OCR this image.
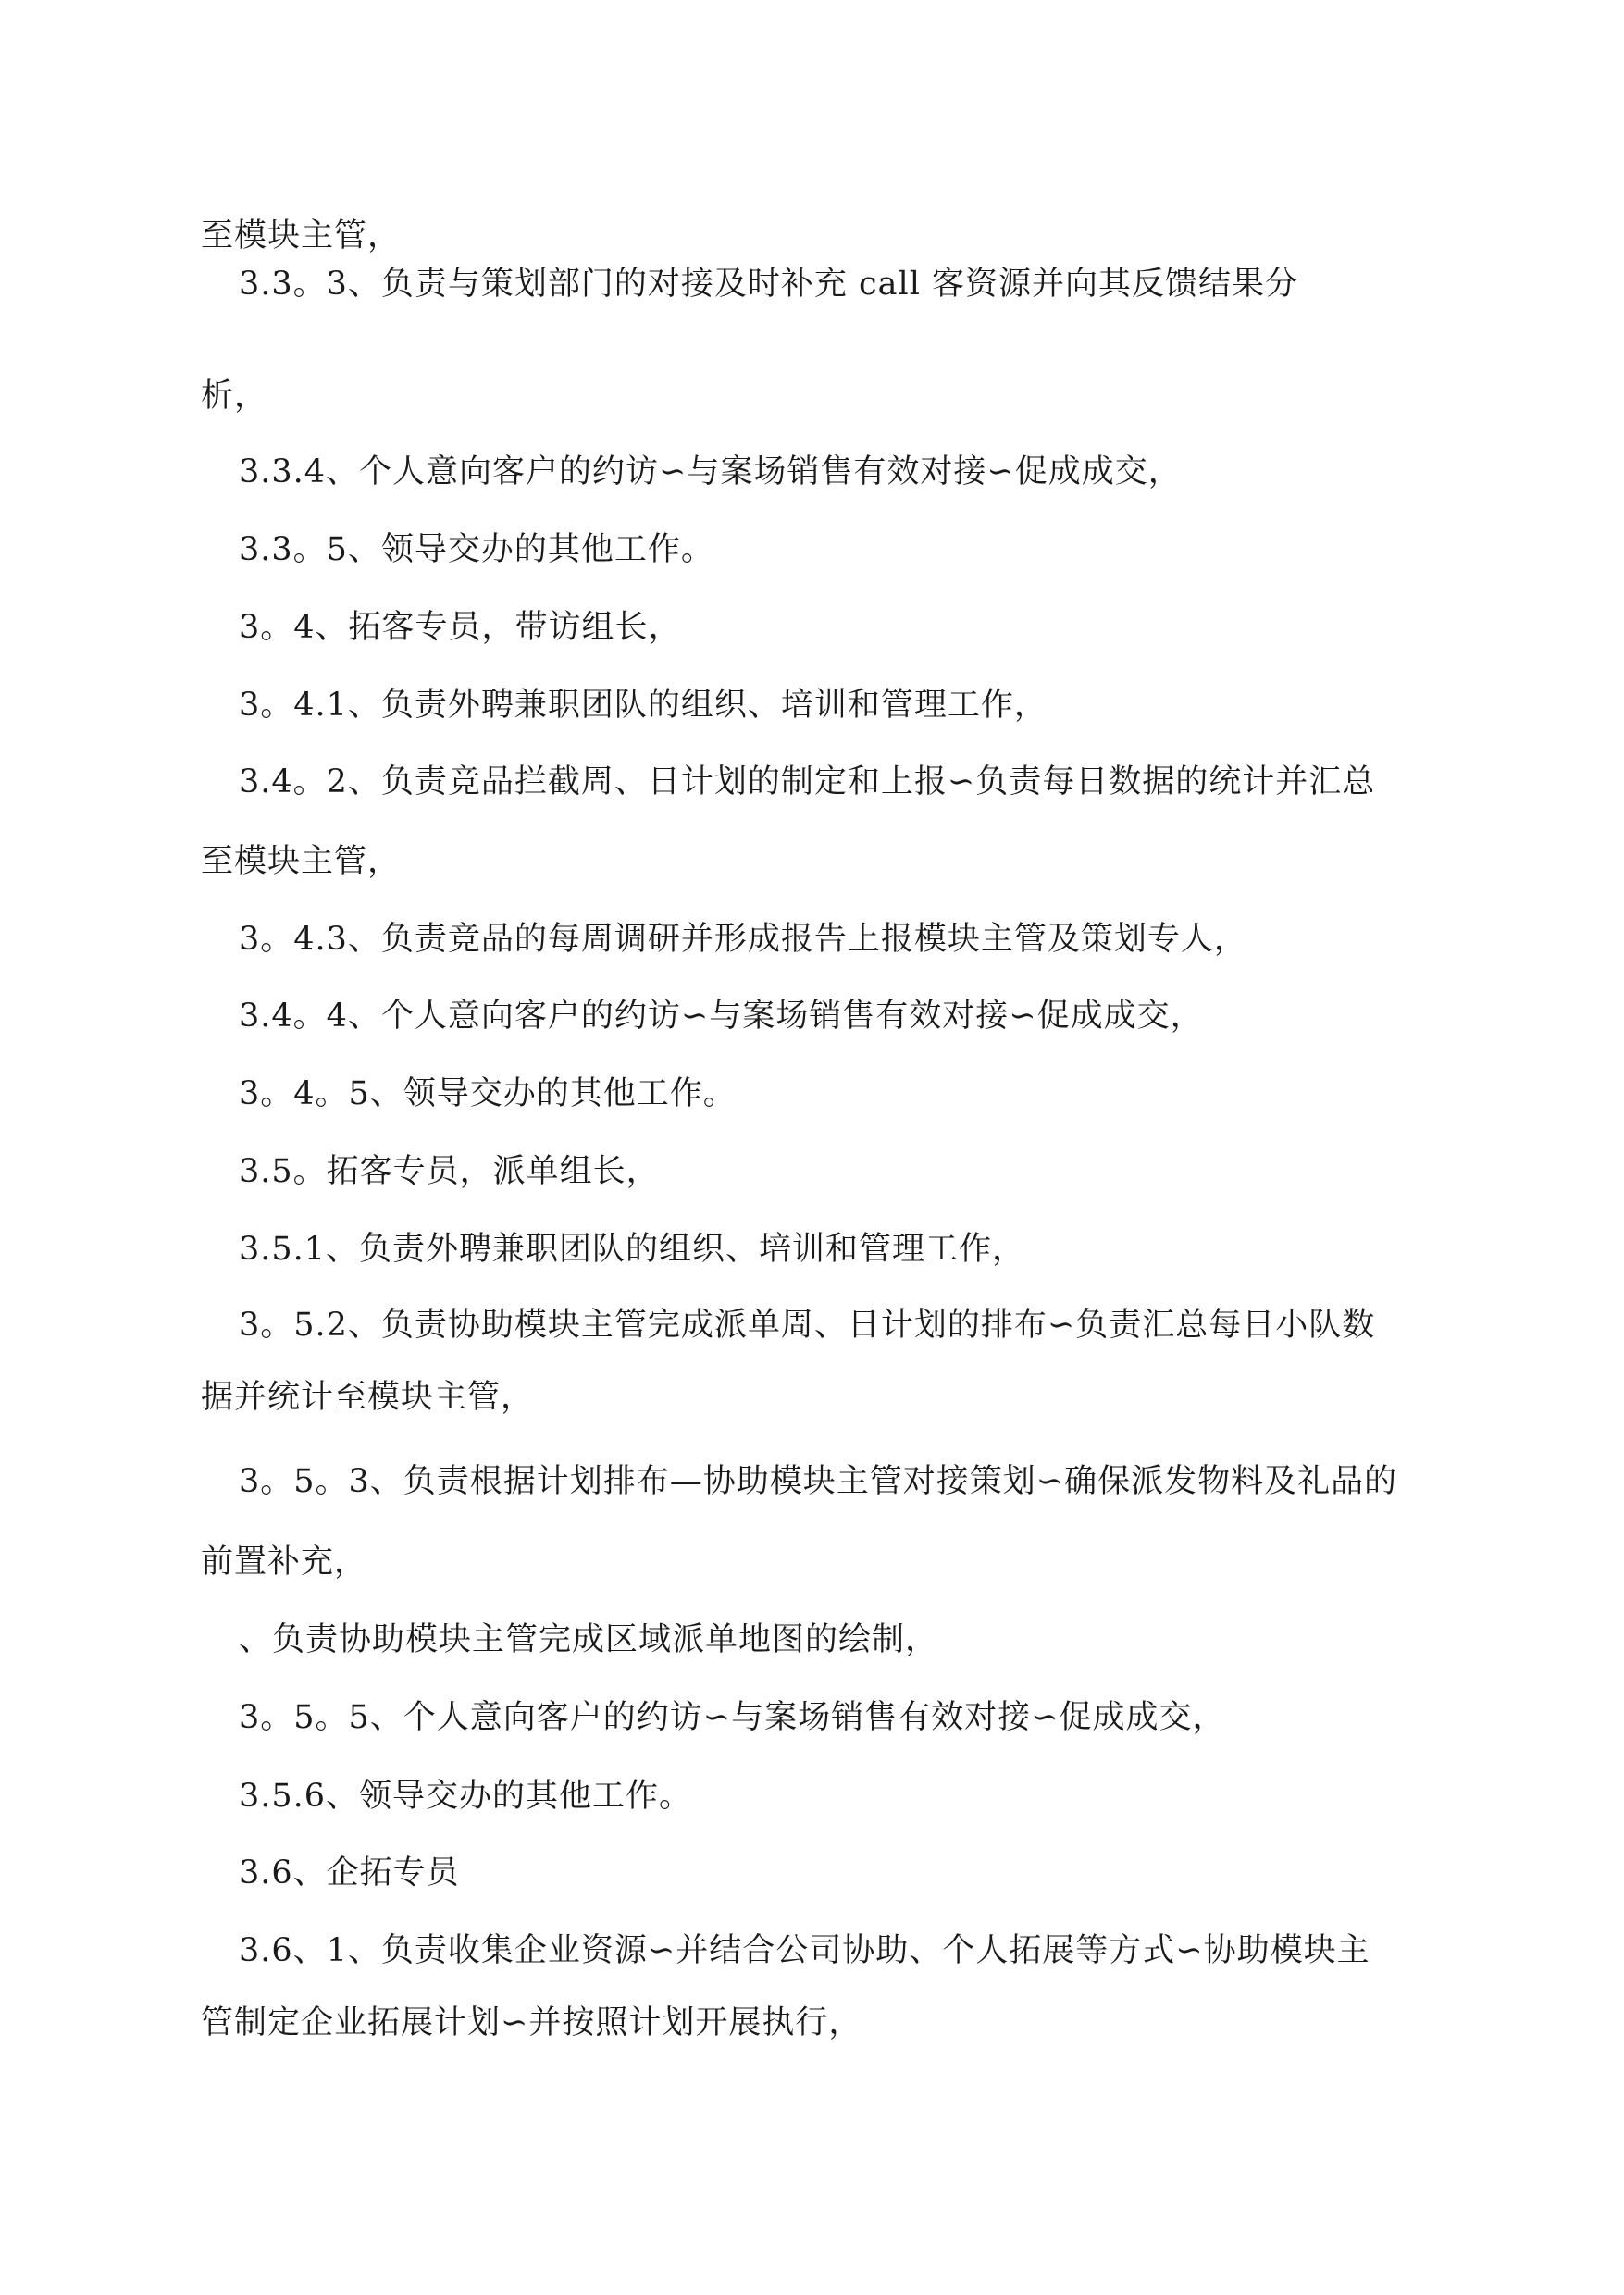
至模块主管，
3.3。3、负责与策划部门的对接及时补充 call 客资源并向其反馈结果分
析，
3.3.4、个人意向客户的约访∽与案场销售有效对接∽促成成交，
3.3。5、领导交办的其他工作。
3。4、拓客专员，带访组长，
3。4.1、负责外聘兼职团队的组织、培训和管理工作，
3.4。2、负责竞品拦截周、日计划的制定和上报∽负责每日数据的统计并汇总
至模块主管，
3。4.3、负责竞品的每周调研并形成报告上报模块主管及策划专人，
3.4。4、个人意向客户的约访∽与案场销售有效对接∽促成成交，
3。4。5、领导交办的其他工作。
3.5。拓客专员，派单组长，
3.5.1、负责外聘兼职团队的组织、培训和管理工作，
3。5.2、负责协助模块主管完成派单周、日计划的排布∽负责汇总每日小队数
据并统计至模块主管，
3。5。3、负责根据计划排布—协助模块主管对接策划∽确保派发物料及礼品的
前置补充，
、负责协助模块主管完成区域派单地图的绘制，
3。5。5、个人意向客户的约访∽与案场销售有效对接∽促成成交，
3.5.6、领导交办的其他工作。
3.6、企拓专员
3.6、1、负责收集企业资源∽并结合公司协助、个人拓展等方式∽协助模块主
管制定企业拓展计划∽并按照计划开展执行，
